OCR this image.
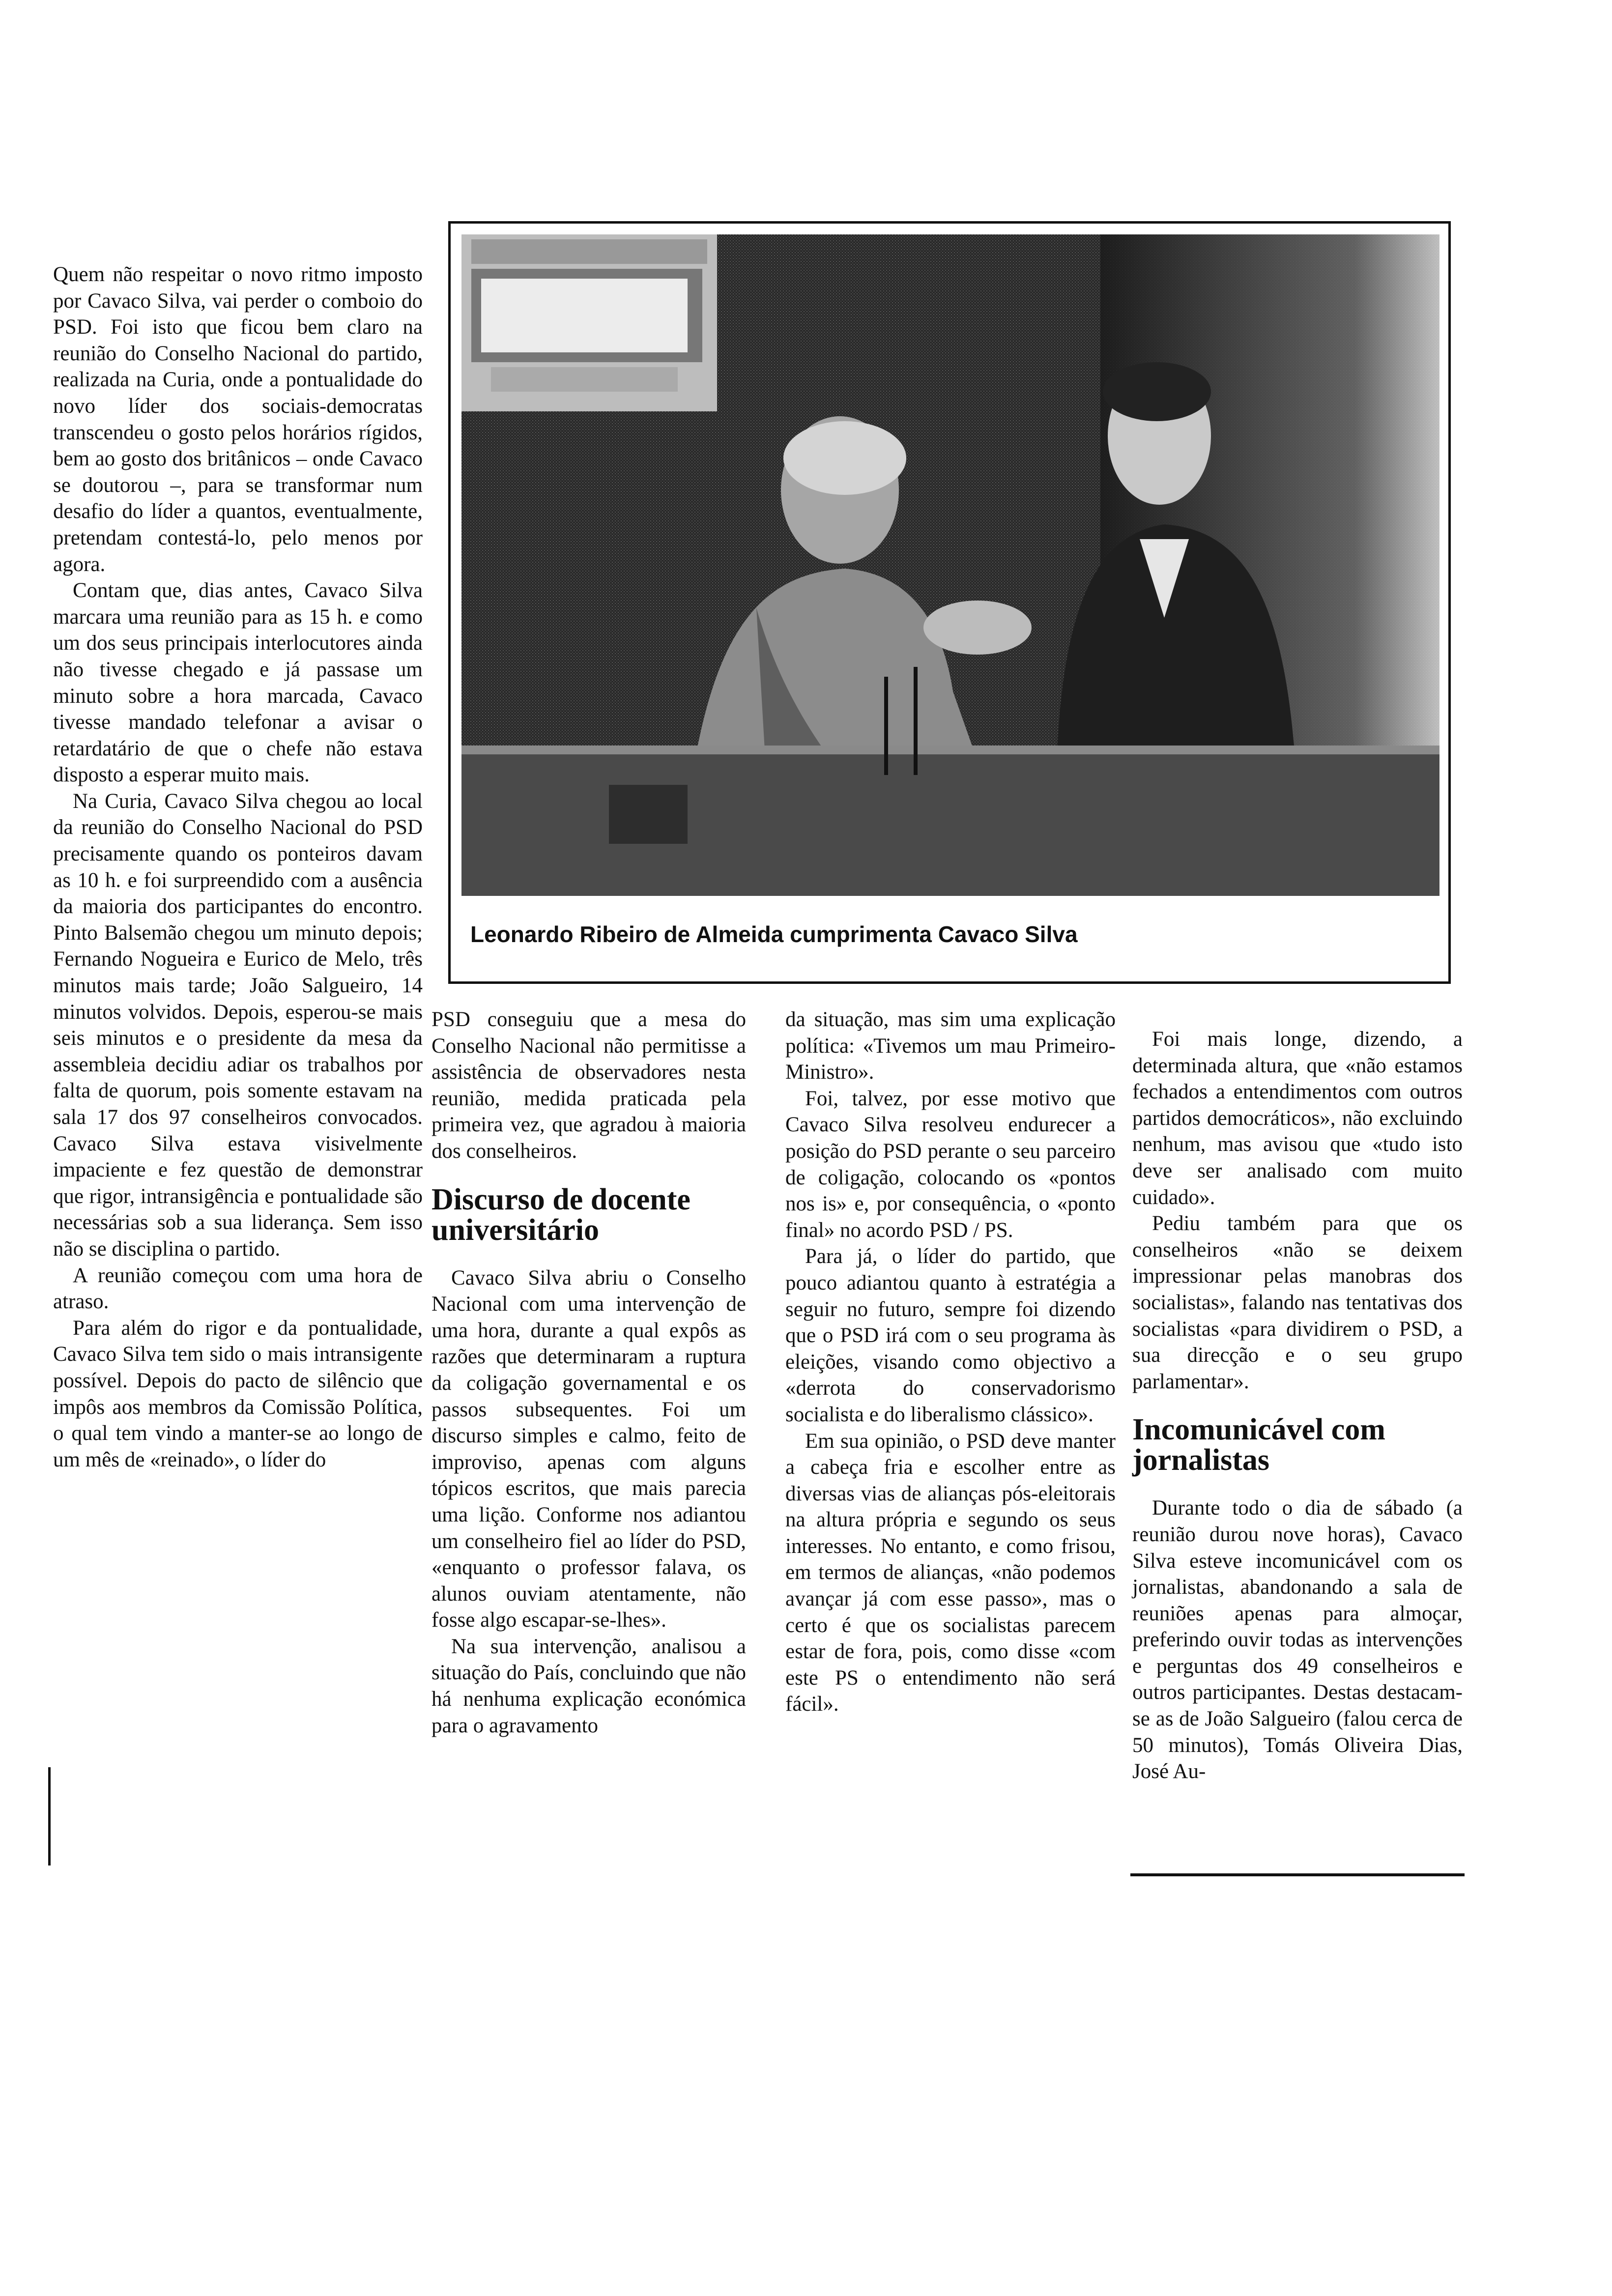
Leonardo Ribeiro de Almeida cumprimenta Cavaco Silva

Quem não respeitar o novo ritmo imposto por Cavaco Silva, vai perder o comboio do PSD. Foi isto que ficou bem claro na reunião do Conselho Nacional do partido, realizada na Curia, onde a pontualidade do novo líder dos sociais-democratas transcendeu o gosto pelos horários rígidos, bem ao gosto dos britânicos – onde Cavaco se doutorou –, para se transformar num desafio do líder a quantos, eventualmente, pretendam contestá-lo, pelo menos por agora.

Contam que, dias antes, Cavaco Silva marcara uma reunião para as 15 h. e como um dos seus principais interlocutores ainda não tivesse chegado e já passase um minuto sobre a hora marcada, Cavaco tivesse mandado telefonar a avisar o retardatário de que o chefe não estava disposto a esperar muito mais.

Na Curia, Cavaco Silva chegou ao local da reunião do Conselho Nacional do PSD precisamente quando os ponteiros davam as 10 h. e foi surpreendido com a ausência da maioria dos participantes do encontro. Pinto Balsemão chegou um minuto depois; Fernando Nogueira e Eurico de Melo, três minutos mais tarde; João Salgueiro, 14 minutos volvidos. Depois, esperou-se mais seis minutos e o presidente da mesa da assembleia decidiu adiar os trabalhos por falta de quorum, pois somente estavam na sala 17 dos 97 conselheiros convocados. Cavaco Silva estava visivelmente impaciente e fez questão de demonstrar que rigor, intransigência e pontualidade são necessárias sob a sua liderança. Sem isso não se disciplina o partido.

A reunião começou com uma hora de atraso.

Para além do rigor e da pontualidade, Cavaco Silva tem sido o mais intransigente possível. Depois do pacto de silêncio que impôs aos membros da Comissão Política, o qual tem vindo a manter-se ao longo de um mês de «reinado», o líder do

PSD conseguiu que a mesa do Conselho Nacional não permitisse a assistência de observadores nesta reunião, medida praticada pela primeira vez, que agradou à maioria dos conselheiros.

Discurso de docente universitário

Cavaco Silva abriu o Conselho Nacional com uma intervenção de uma hora, durante a qual expôs as razões que determinaram a ruptura da coligação governamental e os passos subsequentes. Foi um discurso simples e calmo, feito de improviso, apenas com alguns tópicos escritos, que mais parecia uma lição. Conforme nos adiantou um conselheiro fiel ao líder do PSD, «enquanto o professor falava, os alunos ouviam atentamente, não fosse algo escapar-se-lhes».

Na sua intervenção, analisou a situação do País, concluindo que não há nenhuma explicação económica para o agravamento

da situação, mas sim uma explicação política: «Tivemos um mau Primeiro-Ministro».

Foi, talvez, por esse motivo que Cavaco Silva resolveu endurecer a posição do PSD perante o seu parceiro de coligação, colocando os «pontos nos is» e, por consequência, o «ponto final» no acordo PSD / PS.

Para já, o líder do partido, que pouco adiantou quanto à estratégia a seguir no futuro, sempre foi dizendo que o PSD irá com o seu programa às eleições, visando como objectivo a «derrota do conservadorismo socialista e do liberalismo clássico».

Em sua opinião, o PSD deve manter a cabeça fria e escolher entre as diversas vias de alianças pós-eleitorais na altura própria e segundo os seus interesses. No entanto, e como frisou, em termos de alianças, «não podemos avançar já com esse passo», mas o certo é que os socialistas parecem estar de fora, pois, como disse «com este PS o entendimento não será fácil».

Foi mais longe, dizendo, a determinada altura, que «não estamos fechados a entendimentos com outros partidos democráticos», não excluindo nenhum, mas avisou que «tudo isto deve ser analisado com muito cuidado».

Pediu também para que os conselheiros «não se deixem impressionar pelas manobras dos socialistas», falando nas tentativas dos socialistas «para dividirem o PSD, a sua direcção e o seu grupo parlamentar».

Incomunicável com jornalistas

Durante todo o dia de sábado (a reunião durou nove horas), Cavaco Silva esteve incomunicável com os jornalistas, abandonando a sala de reuniões apenas para almoçar, preferindo ouvir todas as intervenções e perguntas dos 49 conselheiros e outros participantes. Destas destacam-se as de João Salgueiro (falou cerca de 50 minutos), Tomás Oliveira Dias, José Au-
